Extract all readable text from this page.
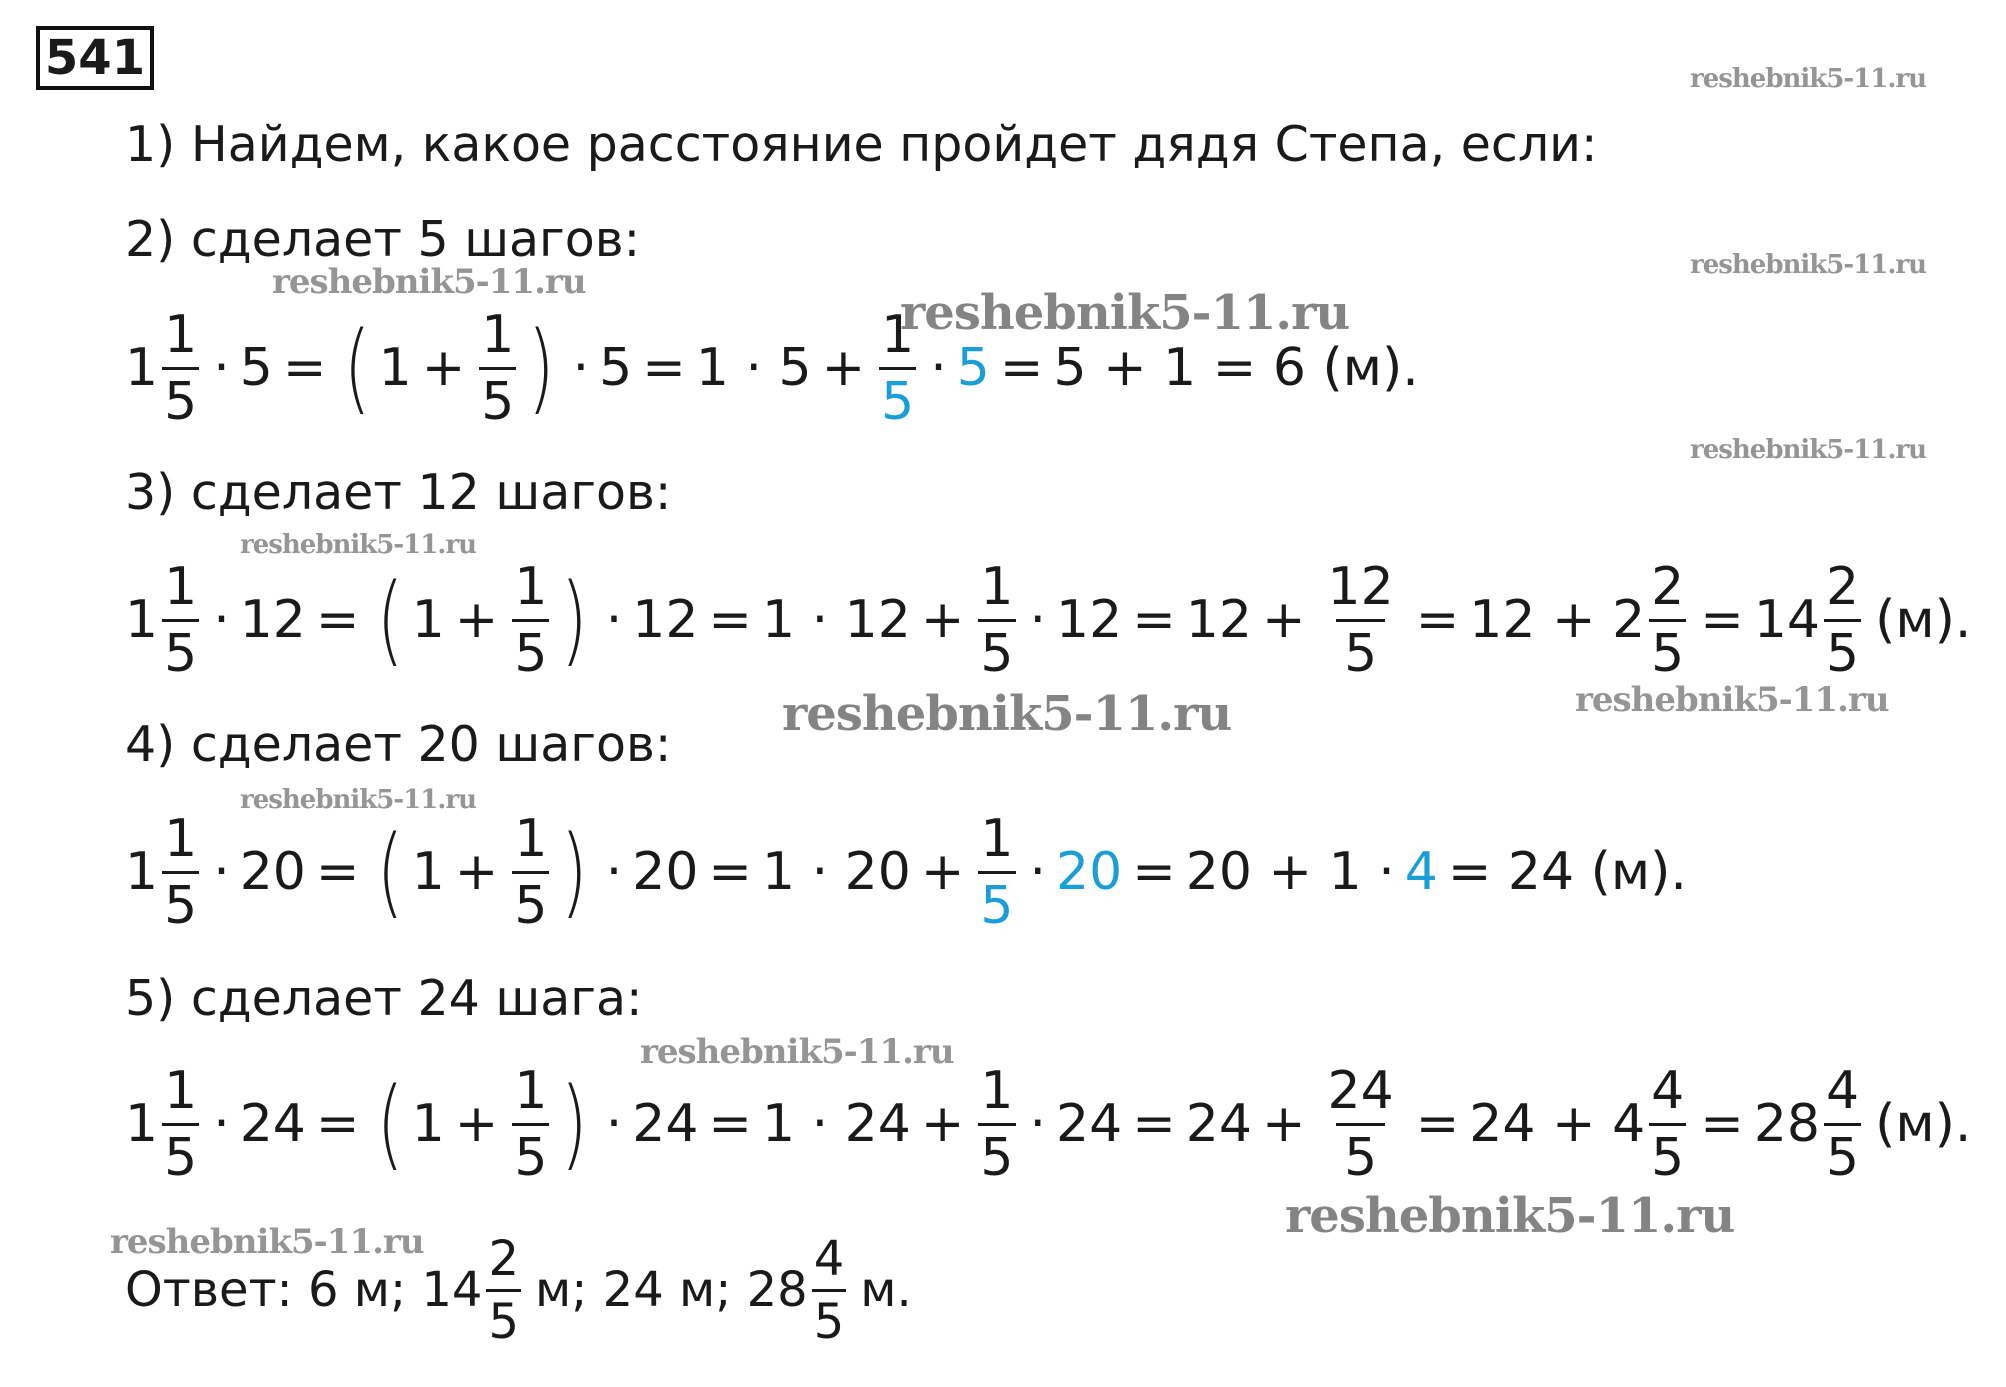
541
1) Найдем, какое расстояние пройдет дядя Степа, если:
2) сделает 5 шагов:
$1 \frac{1}{5} \cdot 5$ = ( $1 + \frac{1}{5}$ ) · $5 = 1 \cdot 5 + \frac{1}{5} \cdot 5 = 5 + 1 = 6$ (м).
3) сделает 12 шагов:
$1 \frac{1}{5} \cdot 12$ = ( $1 + \frac{1}{5}$ ) · $12 = 1 \cdot 12 + \frac{1}{5} \cdot 12 = 12 + \frac{12}{5} = 12 + 2 \frac{2}{5} = 14 \frac{2}{5} (м)$.
4) сделает 20 шагов:
$1 \frac{1}{5} \cdot 20$ = ( $1 + \frac{1}{5}$ ) · $20 = 1 \cdot 20 + \frac{1}{5} \cdot 20 = 20 + 1 \cdot 4 = 24$ (м).
5) сделает 24 шага:
$1 \frac{1}{5} \cdot 24$ = ( $1 + \frac{1}{5}$ ) · $24 = 1 \cdot 24 + \frac{1}{5} \cdot 24 = 24 + \frac{24}{5} = 24 + 4 \frac{4}{5} = 28 \frac{4}{5} (м)$.
Ответ: 6 м; $14 \frac{2}{5} м$; 24 м; $28 \frac{4}{5} м$.
reshebnik5-11.ru
reshebnik5-11.ru
reshebnik5-11.ru
reshebnik5-11.ru
reshebnik5-11.ru
reshebnik5-11.ru
reshebnik5-11.ru	reshebnik5-11.ru
reshebnik5-11.ru
reshebnik5-11.ru
reshebnik5-11.ru
reshebnik5-11.ru
